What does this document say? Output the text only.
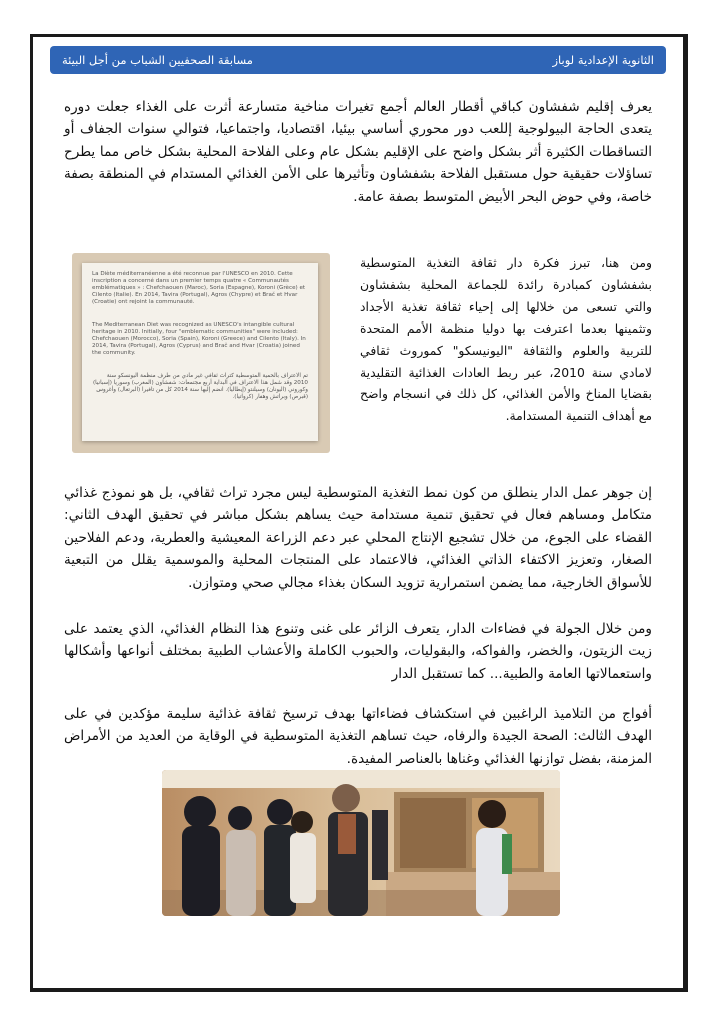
الثانوية الإعدادية لوباز
مسابقة الصحفيين الشباب من أجل البيئة
يعرف إقليم شفشاون كباقي أقطار العالم أجمع تغيرات مناخية متسارعة أثرت على الغذاء جعلت دوره يتعدى الحاجة البيولوجية إللعب دور محوري أساسي بيئيا، اقتصاديا، واجتماعيا، فتوالي سنوات الجفاف أو التساقطات الكثيرة أثر بشكل واضح على الإقليم بشكل عام وعلى الفلاحة المحلية بشكل خاص مما يطرح تساؤلات حقيقية حول مستقبل الفلاحة بشفشاون وتأثيرها على الأمن الغذائي المستدام في المنطقة بصفة خاصة، وفي حوض البحر الأبيض المتوسط بصفة عامة.
La Diète méditerranéenne a été reconnue par l'UNESCO en 2010. Cette inscription a concerné dans un premier temps quatre « Communautés emblématiques » : Chefchaouen (Maroc), Soria (Espagne), Koroni (Grèce) et Cilento (Italie). En 2014, Tavira (Portugal), Agros (Chypre) et Brač et Hvar (Croatie) ont rejoint la communauté.
The Mediterranean Diet was recognized as UNESCO's intangible cultural heritage in 2010. Initially, four "emblematic communities" were included: Chefchaouen (Morocco), Soria (Spain), Koroni (Greece) and Cilento (Italy). In 2014, Tavira (Portugal), Agros (Cyprus) and Brač and Hvar (Croatia) joined the community.
تم الاعتراف بالحمية المتوسطية كتراث ثقافي غير مادي من طرف منظمة اليونسكو سنة 2010 وقد شمل هذا الاعتراف في البداية أربع مجتمعات: شفشاون (المغرب) وسوريا (إسبانيا) وكوروني (اليونان) وسيلنتو (إيطاليا). انضم إليها سنة 2014 كل من تافيرا (البرتغال) وأغروس (قبرص) وبراتش وهفار (كرواتيا).
ومن هنا، تبرز فكرة دار ثقافة التغذية المتوسطية بشفشاون كمبادرة رائدة للجماعة المحلية بشفشاون والتي تسعى من خلالها إلى إحياء ثقافة تغذية الأجداد وتثمينها بعدما اعترفت بها دوليا منظمة الأمم المتحدة للتربية والعلوم والثقافة "اليونيسكو" كموروث ثقافي لامادي سنة 2010، عبر ربط العادات الغذائية التقليدية بقضايا المناخ والأمن الغذائي، كل ذلك في انسجام واضح مع أهداف التنمية المستدامة.
إن جوهر عمل الدار ينطلق من كون نمط التغذية المتوسطية ليس مجرد تراث ثقافي، بل هو نموذج غذائي متكامل ومساهم فعال في تحقيق تنمية مستدامة حيث يساهم بشكل مباشر في تحقيق الهدف الثاني: القضاء على الجوع، من خلال تشجيع الإنتاج المحلي عبر دعم الزراعة المعيشية والعطرية، ودعم الفلاحين الصغار، وتعزيز الاكتفاء الذاتي الغذائي، فالاعتماد على المنتجات المحلية والموسمية يقلل من التبعية للأسواق الخارجية، مما يضمن استمرارية تزويد السكان بغذاء مجالي صحي ومتوازن.
ومن خلال الجولة في فضاءات الدار، يتعرف الزائر على غنى وتنوع هذا النظام الغذائي، الذي يعتمد على زيت الزيتون، والخضر، والفواكه، والبقوليات، والحبوب الكاملة والأعشاب الطبية بمختلف أنواعها وأشكالها واستعمالاتها العامة والطبية... كما تستقبل الدار
أفواج من التلاميذ الراغبين في استكشاف فضاءاتها بهدف ترسيخ ثقافة غذائية سليمة مؤكدين في على الهدف الثالث: الصحة الجيدة والرفاه، حيث تساهم التغذية المتوسطية في الوقاية من العديد من الأمراض المزمنة، بفضل توازنها الغذائي وغناها بالعناصر المفيدة.
